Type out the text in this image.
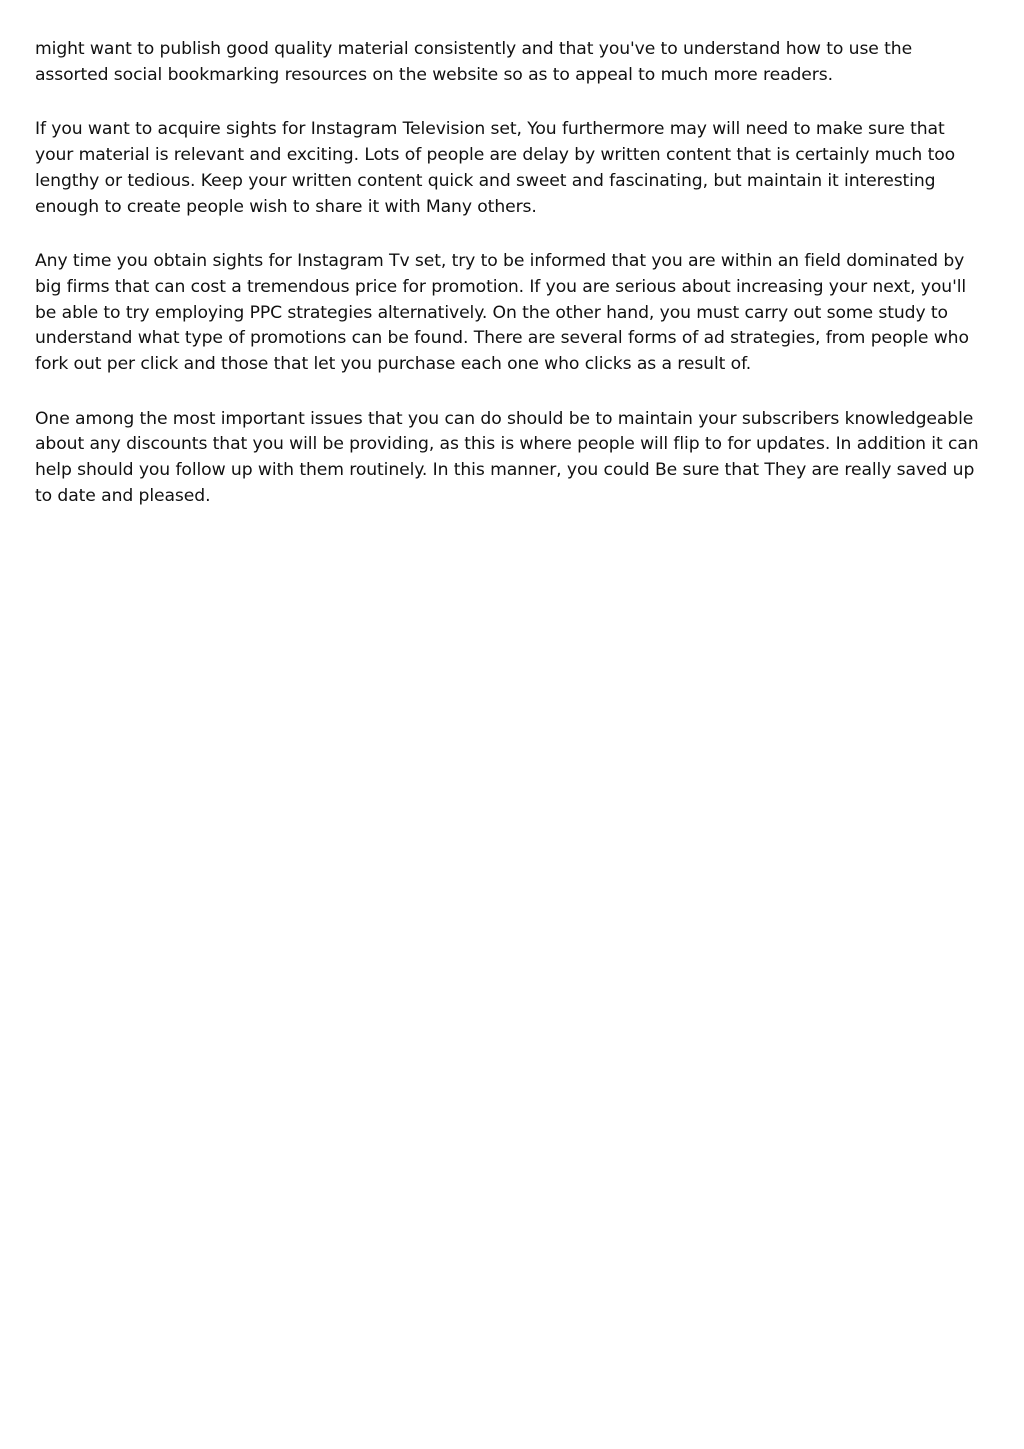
might want to publish good quality material consistently and that you've to understand how to use the assorted social bookmarking resources on the website so as to appeal to much more readers.

If you want to acquire sights for Instagram Television set, You furthermore may will need to make sure that your material is relevant and exciting. Lots of people are delay by written content that is certainly much too lengthy or tedious. Keep your written content quick and sweet and fascinating, but maintain it interesting enough to create people wish to share it with Many others.

Any time you obtain sights for Instagram Tv set, try to be informed that you are within an field dominated by big firms that can cost a tremendous price for promotion. If you are serious about increasing your next, you'll be able to try employing PPC strategies alternatively. On the other hand, you must carry out some study to understand what type of promotions can be found. There are several forms of ad strategies, from people who fork out per click and those that let you purchase each one who clicks as a result of.

One among the most important issues that you can do should be to maintain your subscribers knowledgeable about any discounts that you will be providing, as this is where people will flip to for updates. In addition it can help should you follow up with them routinely. In this manner, you could Be sure that They are really saved up to date and pleased.
